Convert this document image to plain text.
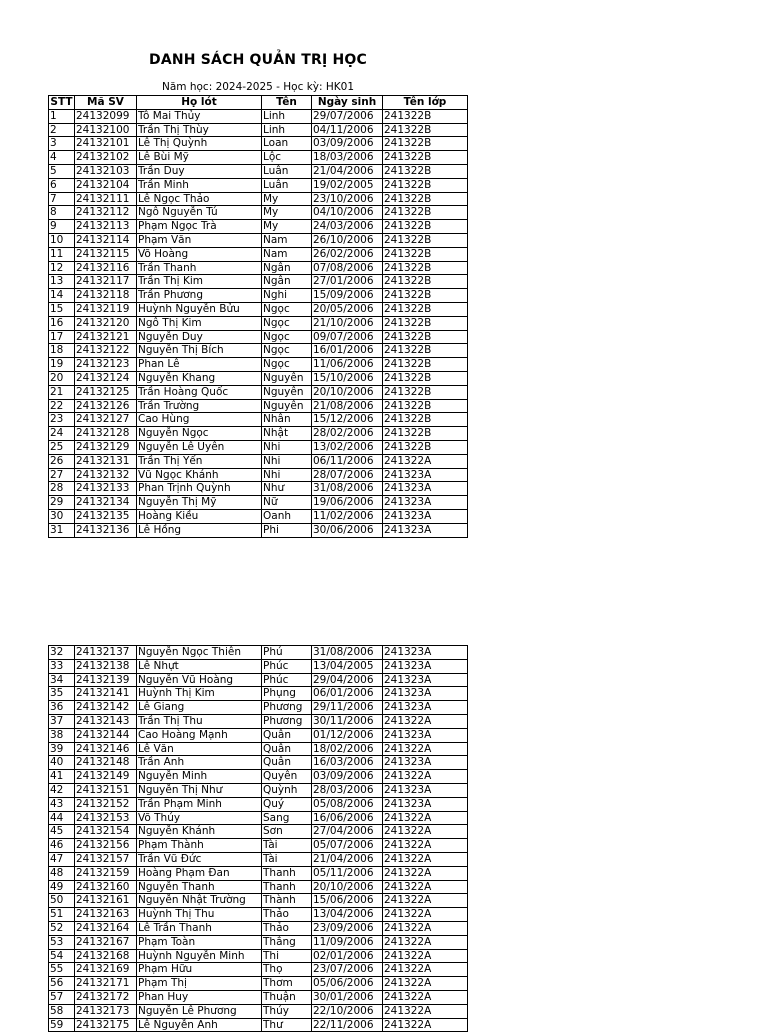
DANH SÁCH QUẢN TRỊ HỌC
Năm học: 2024-2025 - Học kỳ: HK01
STT	Mã SV	Họ lót	Tên	Ngày sinh	Tên lớp
1	24132099	Tô Mai Thủy	Linh	29/07/2006	241322B
2	24132100	Trần Thị Thùy	Linh	04/11/2006	241322B
3	24132101	Lê Thị Quỳnh	Loan	03/09/2006	241322B
4	24132102	Lê Bùi Mỹ	Lộc	18/03/2006	241322B
5	24132103	Trần Duy	Luân	21/04/2006	241322B
6	24132104	Trần Minh	Luân	19/02/2005	241322B
7	24132111	Lê Ngọc Thảo	My	23/10/2006	241322B
8	24132112	Ngô Nguyễn Tú	My	04/10/2006	241322B
9	24132113	Phạm Ngọc Trà	My	24/03/2006	241322B
10	24132114	Phạm Văn	Nam	26/10/2006	241322B
11	24132115	Võ Hoàng	Nam	26/02/2006	241322B
12	24132116	Trần Thanh	Ngân	07/08/2006	241322B
13	24132117	Trần Thị Kim	Ngân	27/01/2006	241322B
14	24132118	Trần Phương	Nghi	15/09/2006	241322B
15	24132119	Huỳnh Nguyễn Bửu	Ngọc	20/05/2006	241322B
16	24132120	Ngô Thị Kim	Ngọc	21/10/2006	241322B
17	24132121	Nguyễn Duy	Ngọc	09/07/2006	241322B
18	24132122	Nguyễn Thị Bích	Ngọc	16/01/2006	241322B
19	24132123	Phan Lê	Ngọc	11/06/2006	241322B
20	24132124	Nguyễn Khang	Nguyên	15/10/2006	241322B
21	24132125	Trần Hoàng Quốc	Nguyên	20/10/2006	241322B
22	24132126	Trần Trường	Nguyên	21/08/2006	241322B
23	24132127	Cao Hùng	Nhân	15/12/2006	241322B
24	24132128	Nguyễn Ngọc	Nhật	28/02/2006	241322B
25	24132129	Nguyễn Lê Uyên	Nhi	13/02/2006	241322B
26	24132131	Trần Thị Yến	Nhi	06/11/2006	241322A
27	24132132	Vũ Ngọc Khánh	Nhi	28/07/2006	241323A
28	24132133	Phan Trịnh Quỳnh	Như	31/08/2006	241323A
29	24132134	Nguyễn Thị Mỹ	Nữ	19/06/2006	241323A
30	24132135	Hoàng Kiều	Oanh	11/02/2006	241323A
31	24132136	Lê Hồng	Phi	30/06/2006	241323A
32	24132137	Nguyễn Ngọc Thiên	Phú	31/08/2006	241323A
33	24132138	Lê Nhựt	Phúc	13/04/2005	241323A
34	24132139	Nguyễn Vũ Hoàng	Phúc	29/04/2006	241323A
35	24132141	Huỳnh Thị Kim	Phụng	06/01/2006	241323A
36	24132142	Lê Giang	Phương	29/11/2006	241323A
37	24132143	Trần Thị Thu	Phương	30/11/2006	241322A
38	24132144	Cao Hoàng Mạnh	Quân	01/12/2006	241323A
39	24132146	Lê Văn	Quân	18/02/2006	241322A
40	24132148	Trần Anh	Quân	16/03/2006	241323A
41	24132149	Nguyễn Minh	Quyên	03/09/2006	241322A
42	24132151	Nguyễn Thị Như	Quỳnh	28/03/2006	241323A
43	24132152	Trần Phạm Minh	Quý	05/08/2006	241323A
44	24132153	Võ Thúy	Sang	16/06/2006	241322A
45	24132154	Nguyễn Khánh	Sơn	27/04/2006	241322A
46	24132156	Phạm Thành	Tài	05/07/2006	241322A
47	24132157	Trần Vũ Đức	Tài	21/04/2006	241322A
48	24132159	Hoàng Phạm Đan	Thanh	05/11/2006	241322A
49	24132160	Nguyễn Thanh	Thanh	20/10/2006	241322A
50	24132161	Nguyễn Nhật Trường	Thành	15/06/2006	241322A
51	24132163	Huỳnh Thị Thu	Thảo	13/04/2006	241322A
52	24132164	Lê Trần Thanh	Thảo	23/09/2006	241322A
53	24132167	Phạm Toàn	Thắng	11/09/2006	241322A
54	24132168	Huỳnh Nguyễn Minh	Thi	02/01/2006	241322A
55	24132169	Phạm Hữu	Thọ	23/07/2006	241322A
56	24132171	Phạm Thị	Thơm	05/06/2006	241322A
57	24132172	Phan Huy	Thuận	30/01/2006	241322A
58	24132173	Nguyễn Lê Phương	Thúy	22/10/2006	241322A
59	24132175	Lê Nguyễn Anh	Thư	22/11/2006	241322A
